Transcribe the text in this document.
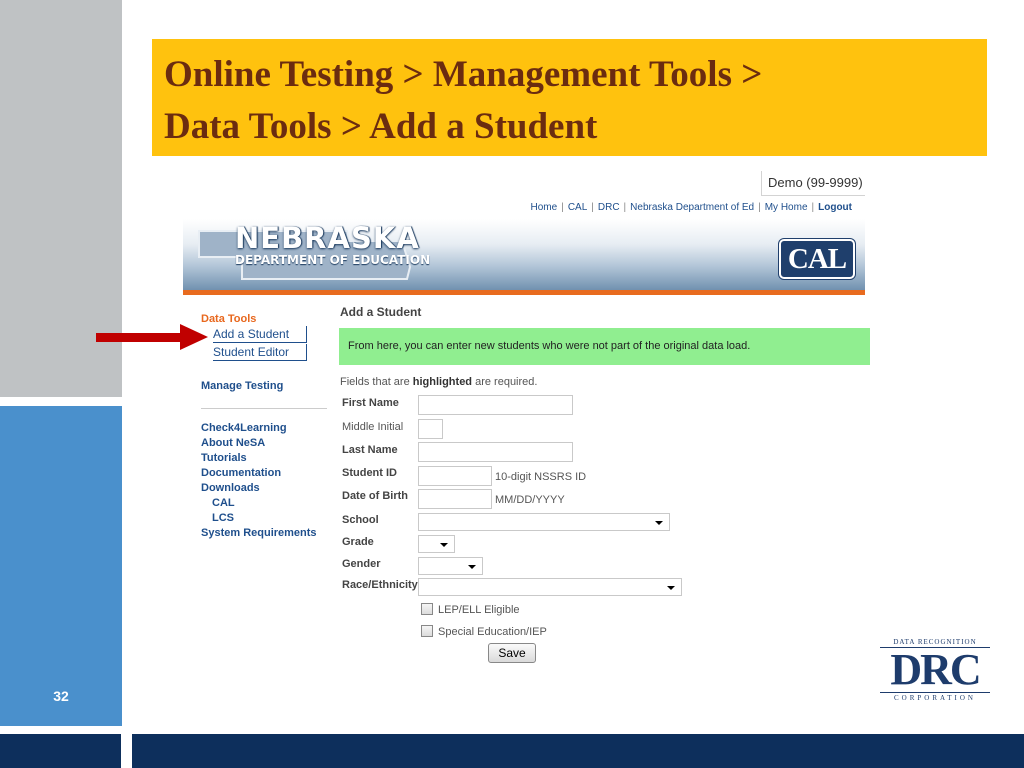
32
Online Testing > Management Tools >
Data Tools > Add a Student
Demo (99-9999)
Home | CAL | DRC | Nebraska Department of Ed | My Home | Logout
NEBRASKA
DEPARTMENT OF EDUCATION	CAL
Data Tools
Add a Student
Student Editor
Manage Testing
Check4Learning
About NeSA
Tutorials
Documentation
Downloads
CAL
LCS
System Requirements
Add a Student
From here, you can enter new students who were not part of the original data load.
Fields that are highlighted are required.
First Name
Middle Initial
Last Name
Student ID	10-digit NSSRS ID
Date of Birth	MM/DD/YYYY
School
Grade
Gender
Race/Ethnicity
LEP/ELL Eligible
Special Education/IEP
Save
DATA RECOGNITION
DRC
CORPORATION
